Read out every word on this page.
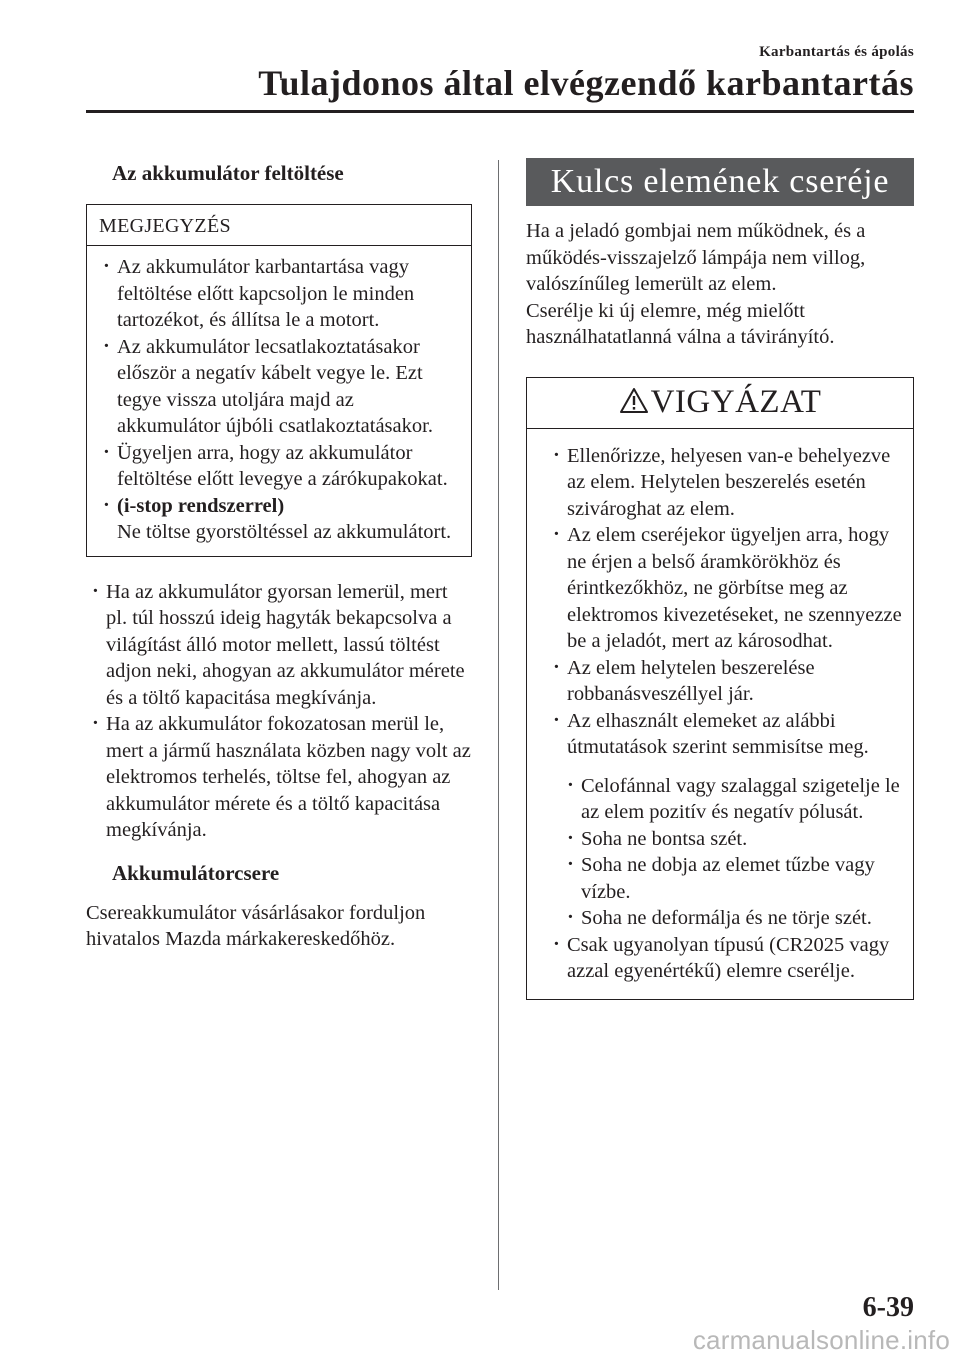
Karbantartás és ápolás
Tulajdonos által elvégzendő karbantartás
Az akkumulátor feltöltése
MEGJEGYZÉS
· Az akkumulátor karbantartása vagy feltöltése előtt kapcsoljon le minden tartozékot, és állítsa le a motort.
· Az akkumulátor lecsatlakoztatásakor először a negatív kábelt vegye le. Ezt tegye vissza utoljára majd az akkumulátor újbóli csatlakoztatásakor.
· Ügyeljen arra, hogy az akkumulátor feltöltése előtt levegye a zárókupakokat.
· (i-stop rendszerrel)
Ne töltse gyorstöltéssel az akkumulátort.
· Ha az akkumulátor gyorsan lemerül, mert pl. túl hosszú ideig hagyták bekapcsolva a világítást álló motor mellett, lassú töltést adjon neki, ahogyan az akkumulátor mérete és a töltő kapacitása megkívánja.
· Ha az akkumulátor fokozatosan merül le, mert a jármű használata közben nagy volt az elektromos terhelés, töltse fel, ahogyan az akkumulátor mérete és a töltő kapacitása megkívánja.
Akkumulátorcsere

Csereakkumulátor vásárlásakor forduljon hivatalos Mazda márkakereskedőhöz.

Kulcs elemének cseréje

Ha a jeladó gombjai nem működnek, és a működés-visszajelző lámpája nem villog, valószínűleg lemerült az elem.

Cserélje ki új elemre, még mielőtt használhatatlanná válna a távirányító.

VIGYÁZAT
· Ellenőrizze, helyesen van-e behelyezve az elem. Helytelen beszerelés esetén szivároghat az elem.
· Az elem cseréjekor ügyeljen arra, hogy ne érjen a belső áramkörökhöz és érintkezőkhöz, ne görbítse meg az elektromos kivezetéseket, ne szennyezze be a jeladót, mert az károsodhat.
· Az elem helytelen beszerelése robbanásveszéllyel jár.
· Az elhasznált elemeket az alábbi útmutatások szerint semmisítse meg.
· Celofánnal vagy szalaggal szigetelje le az elem pozitív és negatív pólusát.
· Soha ne bontsa szét.
· Soha ne dobja az elemet tűzbe vagy vízbe.
· Soha ne deformálja és ne törje szét.
· Csak ugyanolyan típusú (CR2025 vagy azzal egyenértékű) elemre cserélje.
6-39
carmanualsonline.info
